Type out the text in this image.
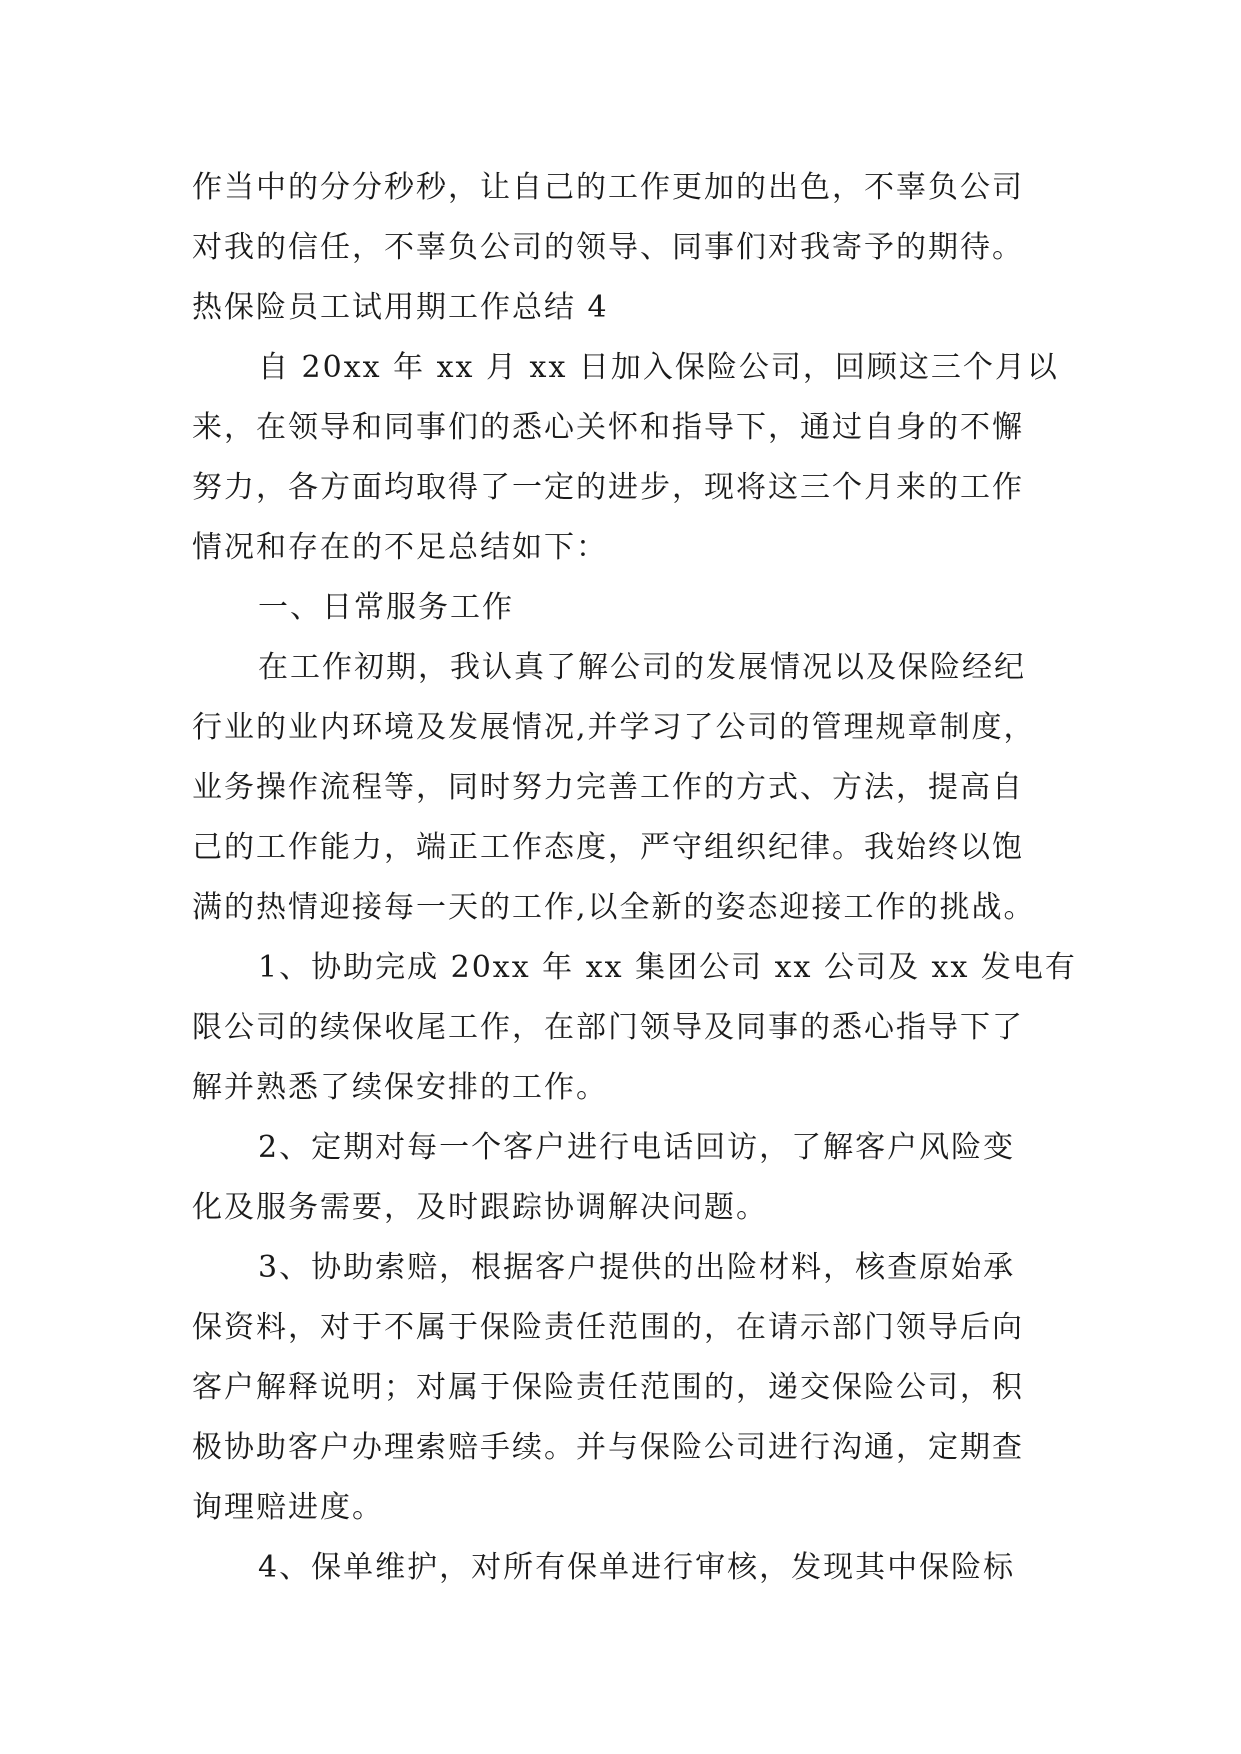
作当中的分分秒秒，让自己的工作更加的出色，不辜负公司
对我的信任，不辜负公司的领导、同事们对我寄予的期待。
热保险员工试用期工作总结 4
自 20xx 年 xx 月 xx 日加入保险公司，回顾这三个月以
来，在领导和同事们的悉心关怀和指导下，通过自身的不懈
努力，各方面均取得了一定的进步，现将这三个月来的工作
情况和存在的不足总结如下：
一、日常服务工作
在工作初期，我认真了解公司的发展情况以及保险经纪
行业的业内环境及发展情况,并学习了公司的管理规章制度，
业务操作流程等，同时努力完善工作的方式、方法，提高自
己的工作能力，端正工作态度，严守组织纪律。我始终以饱
满的热情迎接每一天的工作,以全新的姿态迎接工作的挑战。
1、协助完成 20xx 年 xx 集团公司 xx 公司及 xx 发电有
限公司的续保收尾工作，在部门领导及同事的悉心指导下了
解并熟悉了续保安排的工作。
2、定期对每一个客户进行电话回访，了解客户风险变
化及服务需要，及时跟踪协调解决问题。
3、协助索赔，根据客户提供的出险材料，核查原始承
保资料，对于不属于保险责任范围的，在请示部门领导后向
客户解释说明；对属于保险责任范围的，递交保险公司，积
极协助客户办理索赔手续。并与保险公司进行沟通，定期查
询理赔进度。
4、保单维护，对所有保单进行审核，发现其中保险标
